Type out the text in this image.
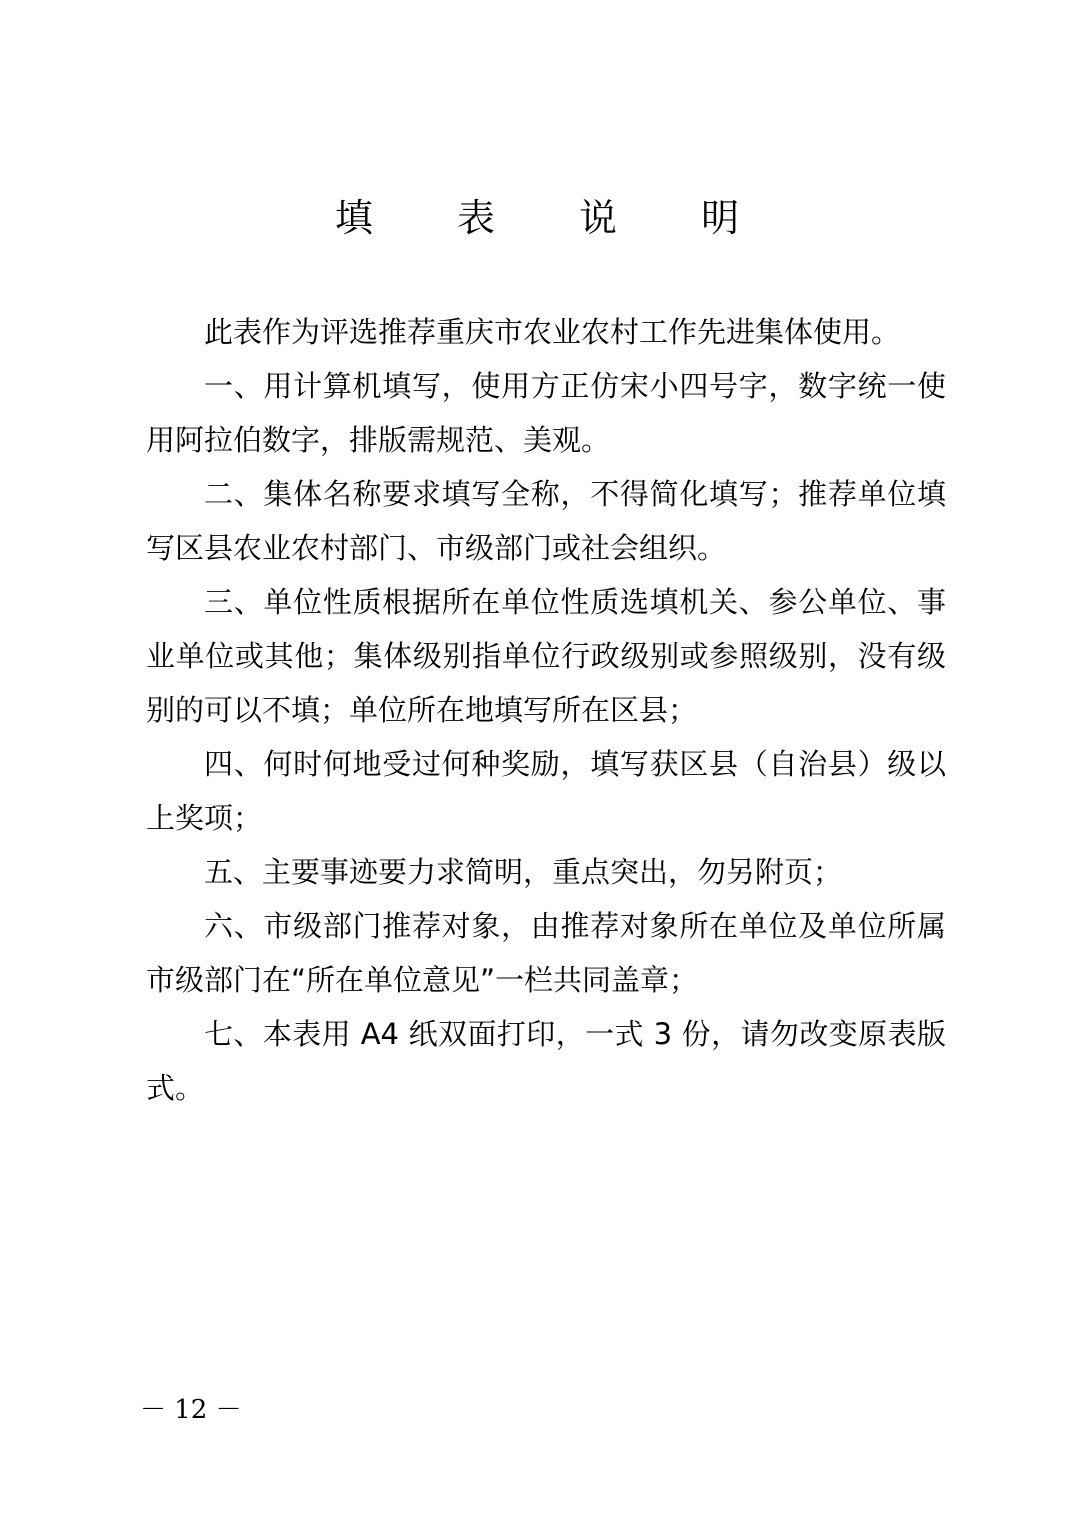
填 表 说 明

此表作为评选推荐重庆市农业农村工作先进集体使用。

一、用计算机填写，使用方正仿宋小四号字，数字统一使用阿拉伯数字，排版需规范、美观。

二、集体名称要求填写全称，不得简化填写；推荐单位填写区县农业农村部门、市级部门或社会组织。

三、单位性质根据所在单位性质选填机关、参公单位、事业单位或其他；集体级别指单位行政级别或参照级别，没有级别的可以不填；单位所在地填写所在区县；

四、何时何地受过何种奖励，填写获区县（自治县）级以上奖项；

五、主要事迹要力求简明，重点突出，勿另附页；

六、市级部门推荐对象，由推荐对象所在单位及单位所属市级部门在“所在单位意见”一栏共同盖章；

七、本表用 A4 纸双面打印，一式 3 份，请勿改变原表版式。

－ 12 －
